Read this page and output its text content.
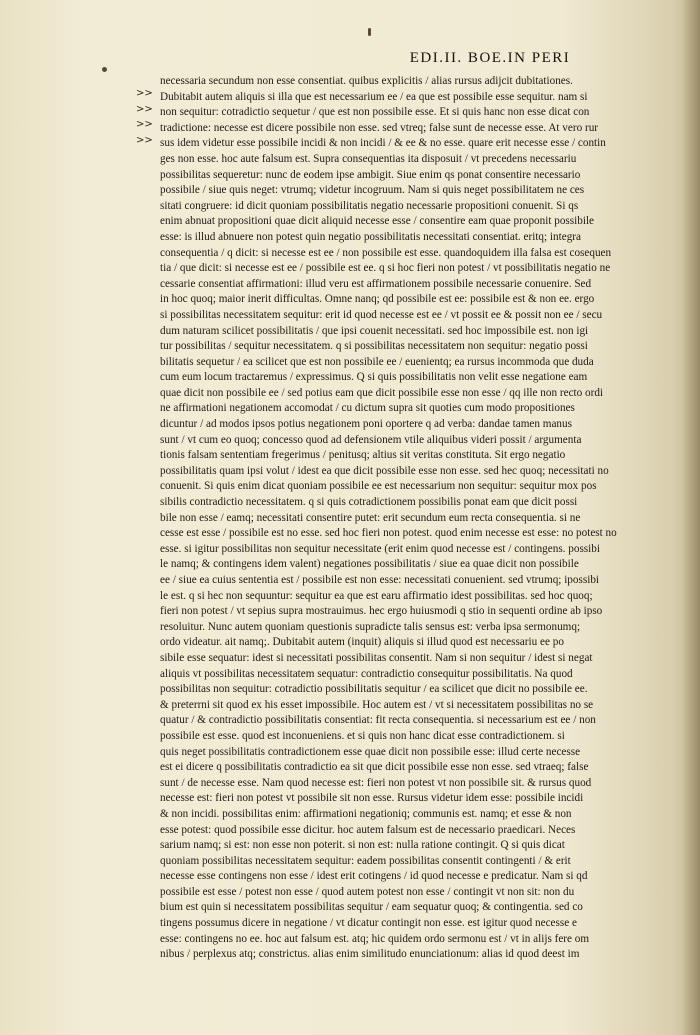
EDI.II. BOE.IN PERI
>>
>>
>>
>>
necessaria secundum non esse consentiat. quibus explicitis / alias rursus adijcit dubitationes.
Dubitabit autem aliquis si illa que est necessarium ee / ea que est possibile esse sequitur. nam si
non sequitur: cotradictio sequetur / que est non possibile esse. Et si quis hanc non esse dicat con
tradictione: necesse est dicere possibile non esse. sed vtreq; false sunt de necesse esse. At vero rur
sus idem videtur esse possibile incidi & non incidi / & ee & no esse. quare erit necesse esse / contin
ges non esse. hoc aute falsum est. Supra consequentias ita disposuit / vt precedens necessariu
possibilitas sequeretur: nunc de eodem ipse ambigit. Siue enim qs ponat consentire necessario
possibile / siue quis neget: vtrumq; videtur incogruum. Nam si quis neget possibilitatem ne ces
sitati congruere: id dicit quoniam possibilitatis negatio necessarie propositioni conuenit. Si qs
enim abnuat propositioni quae dicit aliquid necesse esse / consentire eam quae proponit possibile
esse: is illud abnuere non potest quin negatio possibilitatis necessitati consentiat. eritq; integra
consequentia / q dicit: si necesse est ee / non possibile est esse. quandoquidem illa falsa est cosequen
tia / que dicit: si necesse est ee / possibile est ee. q si hoc fieri non potest / vt possibilitatis negatio ne
cessarie consentiat affirmationi: illud veru est affirmationem possibile necessarie conuenire. Sed
in hoc quoq; maior inerit difficultas. Omne nanq; qd possibile est ee: possibile est & non ee. ergo
si possibilitas necessitatem sequitur: erit id quod necesse est ee / vt possit ee & possit non ee / secu
dum naturam scilicet possibilitatis / que ipsi couenit necessitati. sed hoc impossibile est. non igi
tur possibilitas / sequitur necessitatem. q si possibilitas necessitatem non sequitur: negatio possi
bilitatis sequetur / ea scilicet que est non possibile ee / euenientq; ea rursus incommoda que duda
cum eum locum tractaremus / expressimus. Q si quis possibilitatis non velit esse negatione eam
quae dicit non possibile ee / sed potius eam que dicit possibile esse non esse / qq ille non recto ordi
ne affirmationi negationem accomodat / cu dictum supra sit quoties cum modo propositiones
dicuntur / ad modos ipsos potius negationem poni oportere q ad verba: dandae tamen manus
sunt / vt cum eo quoq; concesso quod ad defensionem vtile aliquibus videri possit / argumenta
tionis falsam sententiam fregerimus / penitusq; altius sit veritas constituta. Sit ergo negatio
possibilitatis quam ipsi volut / idest ea que dicit possibile esse non esse. sed hec quoq; necessitati no
conuenit. Si quis enim dicat quoniam possibile ee est necessarium non sequitur: sequitur mox pos
sibilis contradictio necessitatem. q si quis cotradictionem possibilis ponat eam que dicit possi
bile non esse / eamq; necessitati consentire putet: erit secundum eum recta consequentia. si ne
cesse est esse / possibile est no esse. sed hoc fieri non potest. quod enim necesse est esse: no potest no
esse. si igitur possibilitas non sequitur necessitate (erit enim quod necesse est / contingens. possibi
le namq; & contingens idem valent) negationes possibilitatis / siue ea quae dicit non possibile
ee / siue ea cuius sententia est / possibile est non esse: necessitati conuenient. sed vtrumq; ipossibi
le est. q si hec non sequuntur: sequitur ea que est earu affirmatio idest possibilitas. sed hoc quoq;
fieri non potest / vt sepius supra mostrauimus. hec ergo huiusmodi q stio in sequenti ordine ab ipso
resoluitur. Nunc autem quoniam questionis supradicte talis sensus est: verba ipsa sermonumq;
ordo videatur. ait namq;. Dubitabit autem (inquit) aliquis si illud quod est necessariu ee po
sibile esse sequatur: idest si necessitati possibilitas consentit. Nam si non sequitur / idest si negat
aliquis vt possibilitas necessitatem sequatur: contradictio consequitur possibilitatis. Na quod
possibilitas non sequitur: cotradictio possibilitatis sequitur / ea scilicet que dicit no possibile ee.
& preterrni sit quod ex his esset impossibile. Hoc autem est / vt si necessitatem possibilitas no se
quatur / & contradictio possibilitatis consentiat: fit recta consequentia. si necessarium est ee / non
possibile est esse. quod est inconueniens. et si quis non hanc dicat esse contradictionem. si
quis neget possibilitatis contradictionem esse quae dicit non possibile esse: illud certe necesse
est ei dicere q possibilitatis contradictio ea sit que dicit possibile esse non esse. sed vtraeq; false
sunt / de necesse esse. Nam quod necesse est: fieri non potest vt non possibile sit. & rursus quod
necesse est: fieri non potest vt possibile sit non esse. Rursus videtur idem esse: possibile incidi
& non incidi. possibilitas enim: affirmationi negationiq; communis est. namq; et esse & non
esse potest: quod possibile esse dicitur. hoc autem falsum est de necessario praedicari. Neces
sarium namq; si est: non esse non poterit. si non est: nulla ratione contingit. Q si quis dicat
quoniam possibilitas necessitatem sequitur: eadem possibilitas consentit contingenti / & erit
necesse esse contingens non esse / idest erit cotingens / id quod necesse e predicatur. Nam si qd
possibile est esse / potest non esse / quod autem potest non esse / contingit vt non sit: non du
bium est quin si necessitatem possibilitas sequitur / eam sequatur quoq; & contingentia. sed co
tingens possumus dicere in negatione / vt dicatur contingit non esse. est igitur quod necesse e
esse: contingens no ee. hoc aut falsum est. atq; hic quidem ordo sermonu est / vt in alijs fere om
nibus / perplexus atq; constrictus. alias enim similitudo enunciationum: alias id quod deest im
